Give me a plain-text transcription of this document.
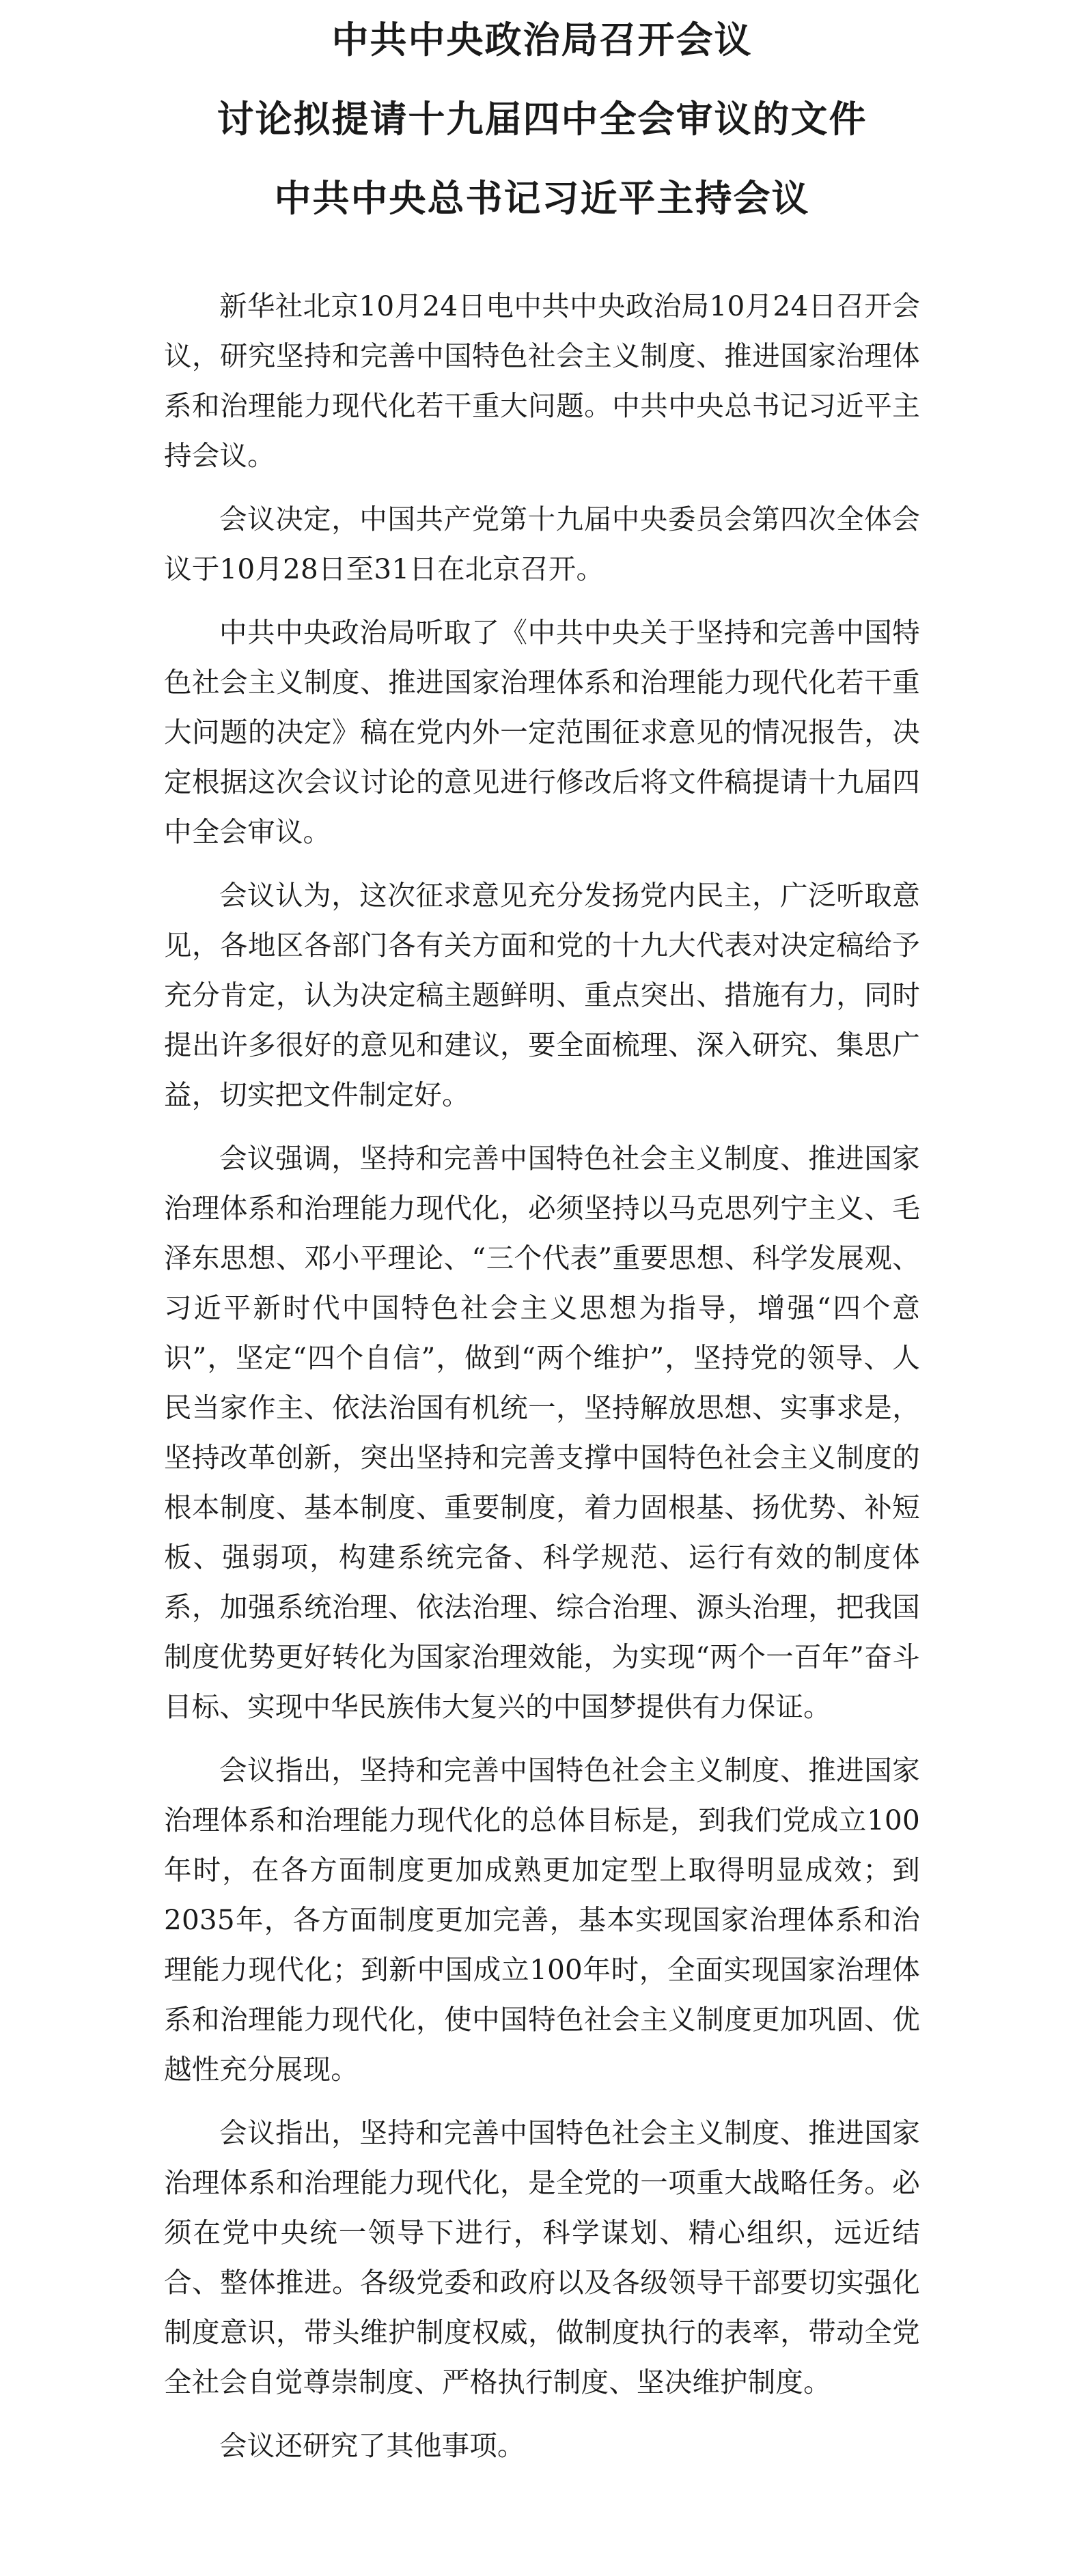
中共中央政治局召开会议
讨论拟提请十九届四中全会审议的文件
中共中央总书记习近平主持会议

新华社北京10月24日电中共中央政治局10月24日召开会议，研究坚持和完善中国特色社会主义制度、推进国家治理体系和治理能力现代化若干重大问题。中共中央总书记习近平主持会议。

会议决定，中国共产党第十九届中央委员会第四次全体会议于10月28日至31日在北京召开。

中共中央政治局听取了《中共中央关于坚持和完善中国特色社会主义制度、推进国家治理体系和治理能力现代化若干重大问题的决定》稿在党内外一定范围征求意见的情况报告，决定根据这次会议讨论的意见进行修改后将文件稿提请十九届四中全会审议。

会议认为，这次征求意见充分发扬党内民主，广泛听取意见，各地区各部门各有关方面和党的十九大代表对决定稿给予充分肯定，认为决定稿主题鲜明、重点突出、措施有力，同时提出许多很好的意见和建议，要全面梳理、深入研究、集思广益，切实把文件制定好。

会议强调，坚持和完善中国特色社会主义制度、推进国家治理体系和治理能力现代化，必须坚持以马克思列宁主义、毛泽东思想、邓小平理论、“三个代表”重要思想、科学发展观、习近平新时代中国特色社会主义思想为指导，增强“四个意识”，坚定“四个自信”，做到“两个维护”，坚持党的领导、人民当家作主、依法治国有机统一，坚持解放思想、实事求是，坚持改革创新，突出坚持和完善支撑中国特色社会主义制度的根本制度、基本制度、重要制度，着力固根基、扬优势、补短板、强弱项，构建系统完备、科学规范、运行有效的制度体系，加强系统治理、依法治理、综合治理、源头治理，把我国制度优势更好转化为国家治理效能，为实现“两个一百年”奋斗目标、实现中华民族伟大复兴的中国梦提供有力保证。

会议指出，坚持和完善中国特色社会主义制度、推进国家治理体系和治理能力现代化的总体目标是，到我们党成立100年时，在各方面制度更加成熟更加定型上取得明显成效；到2035年，各方面制度更加完善，基本实现国家治理体系和治理能力现代化；到新中国成立100年时，全面实现国家治理体系和治理能力现代化，使中国特色社会主义制度更加巩固、优越性充分展现。

会议指出，坚持和完善中国特色社会主义制度、推进国家治理体系和治理能力现代化，是全党的一项重大战略任务。必须在党中央统一领导下进行，科学谋划、精心组织，远近结合、整体推进。各级党委和政府以及各级领导干部要切实强化制度意识，带头维护制度权威，做制度执行的表率，带动全党全社会自觉尊崇制度、严格执行制度、坚决维护制度。

会议还研究了其他事项。
